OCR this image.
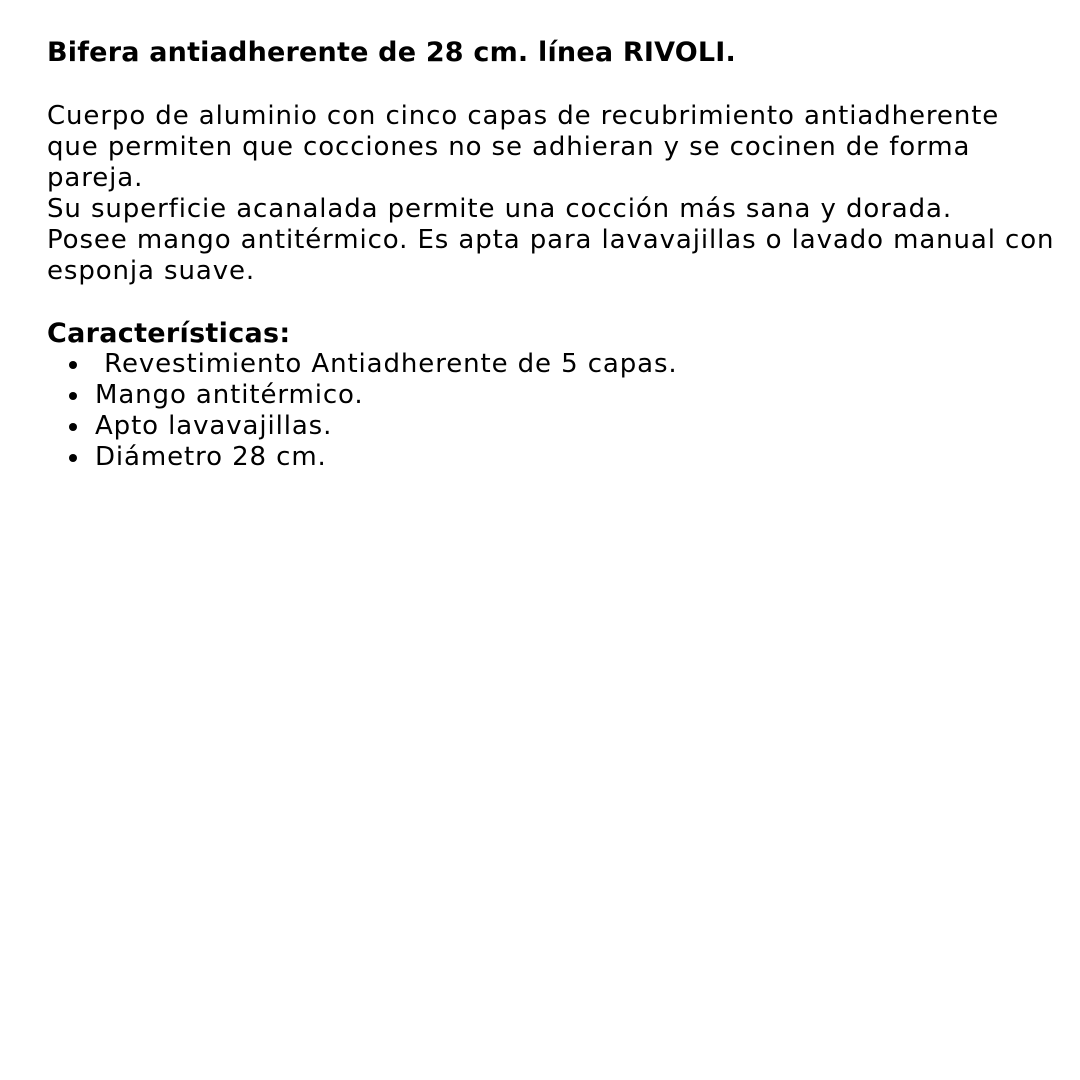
Bifera antiadherente de 28 cm. línea RIVOLI.

Cuerpo de aluminio con cinco capas de recubrimiento antiadherente que permiten que cocciones no se adhieran y se cocinen de forma pareja.

Su superficie acanalada permite una cocción más sana y dorada.

Posee mango antitérmico. Es apta para lavavajillas o lavado manual con esponja suave.

Características:
Revestimiento Antiadherente de 5 capas.
Mango antitérmico.
Apto lavavajillas.
Diámetro 28 cm.
